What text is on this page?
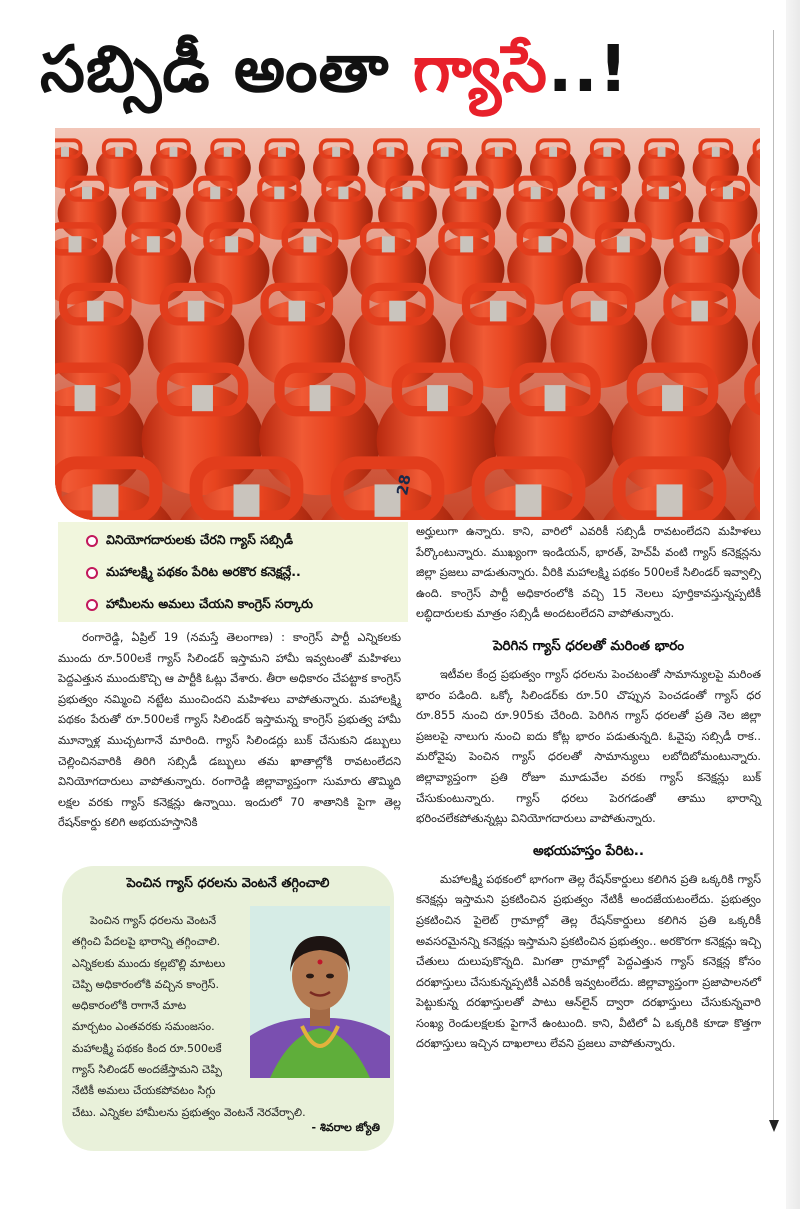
సబ్సిడీ అంతా గ్యాసే..!
28
వినియోగదారులకు చేరని గ్యాస్ సబ్సిడీ
మహాలక్ష్మి పథకం పేరిట అరకొర కనెక్షన్లే..
హామీలను అమలు చేయని కాంగ్రెస్ సర్కారు

రంగారెడ్డి, ఏప్రిల్ 19 (నమస్తే తెలంగాణ) : కాంగ్రెస్ పార్టీ ఎన్నికలకు ముందు రూ.500లకే గ్యాస్ సిలిండర్ ఇస్తామని హామీ ఇవ్వటంతో మహిళలు పెద్దఎత్తున ముందుకొచ్చి ఆ పార్టీకి ఓట్లు వేశారు. తీరా అధికారం చేపట్టాక కాంగ్రెస్ ప్రభుత్వం నమ్మించి నట్టేట ముంచిందని మహిళలు వాపోతున్నారు. మహాలక్ష్మి పథకం పేరుతో రూ.500లకే గ్యాస్ సిలిండర్ ఇస్తామన్న కాంగ్రెస్ ప్రభుత్వ హామీ మూన్నాళ్ల ముచ్చటగానే మారింది. గ్యాస్ సిలిండర్లు బుక్ చేసుకుని డబ్బులు చెల్లించినవారికి తిరిగి సబ్సిడీ డబ్బులు తమ ఖాతాల్లోకి రావటంలేదని వినియోగదారులు వాపోతున్నారు. రంగారెడ్డి జిల్లావ్యాప్తంగా సుమారు తొమ్మిది లక్షల వరకు గ్యాస్ కనెక్షన్లు ఉన్నాయి. ఇందులో 70 శాతానికి పైగా తెల్ల రేషన్‌కార్డు కలిగి అభయహస్తానికి

పెంచిన గ్యాస్ ధరలను వెంటనే తగ్గించాలి
పెంచిన గ్యాస్ ధరలను వెంటనే
తగ్గించి పేదలపై భారాన్ని తగ్గించాలి.
ఎన్నికలకు ముందు కల్లబొల్లి మాటలు
చెప్పి అధికారంలోకి వచ్చిన కాంగ్రెస్.
అధికారంలోకి రాగానే మాట
మార్చటం ఎంతవరకు సమంజసం.
మహాలక్ష్మి పథకం కింద రూ.500లకే
గ్యాస్ సిలిండర్ అందజేస్తామని చెప్పి
నేటికీ అమలు చేయకపోవటం సిగ్గు
చేటు. ఎన్నికల హామీలను ప్రభుత్వం వెంటనే నెరవేర్చాలి.
- శివరాల జ్యోతి

అర్హులుగా ఉన్నారు. కాని, వారిలో ఎవరికీ సబ్సిడీ రావటంలేదని మహిళలు పేర్కొంటున్నారు. ముఖ్యంగా ఇండియన్, భారత్, హెచ్‌పీ వంటి గ్యాస్ కనెక్షన్లను జిల్లా ప్రజలు వాడుతున్నారు. వీరికి మహాలక్ష్మి పథకం 500లకే సిలిండర్ ఇవ్వాల్సి ఉంది. కాంగ్రెస్ పార్టీ అధికారంలోకి వచ్చి 15 నెలలు పూర్తికావస్తున్నప్పటికీ లబ్ధిదారులకు మాత్రం సబ్సిడీ అందటంలేదని వాపోతున్నారు.

పెరిగిన గ్యాస్ ధరలతో మరింత భారం

ఇటీవల కేంద్ర ప్రభుత్వం గ్యాస్ ధరలను పెంచటంతో సామాన్యులపై మరింత భారం పడింది. ఒక్కో సిలిండర్‌కు రూ.50 చొప్పున పెంచడంతో గ్యాస్ ధర రూ.855 నుంచి రూ.905కు చేరింది. పెరిగిన గ్యాస్ ధరలతో ప్రతి నెల జిల్లా ప్రజలపై నాలుగు నుంచి ఐదు కోట్ల భారం పడుతున్నది. ఓవైపు సబ్సిడీ రాక.. మరోవైపు పెంచిన గ్యాస్ ధరలతో సామాన్యులు లబోదిబోమంటున్నారు. జిల్లావ్యాప్తంగా ప్రతి రోజూ మూడువేల వరకు గ్యాస్ కనెక్షన్లు బుక్ చేసుకుంటున్నారు. గ్యాస్ ధరలు పెరగడంతో తాము భారాన్ని భరించలేకపోతున్నట్లు వినియోగదారులు వాపోతున్నారు.

అభయహస్తం పేరిట..

మహాలక్ష్మి పథకంలో భాగంగా తెల్ల రేషన్‌కార్డులు కలిగిన ప్రతి ఒక్కరికి గ్యాస్ కనెక్షన్లు ఇస్తామని ప్రకటించిన ప్రభుత్వం నేటికీ అందజేయటంలేదు. ప్రభుత్వం ప్రకటించిన పైలెట్ గ్రామాల్లో తెల్ల రేషన్‌కార్డులు కలిగిన ప్రతి ఒక్కరికీ అవసరమైనన్ని కనెక్షన్లు ఇస్తామని ప్రకటించిన ప్రభుత్వం.. అరకొరగా కనెక్షన్లు ఇచ్చి చేతులు దులుపుకొన్నది. మిగతా గ్రామాల్లో పెద్దఎత్తున గ్యాస్ కనెక్షన్ల కోసం దరఖాస్తులు చేసుకున్నప్పటికీ ఎవరికీ ఇవ్వటంలేదు. జిల్లావ్యాప్తంగా ప్రజాపాలనలో పెట్టుకున్న దరఖాస్తులతో పాటు ఆన్‌లైన్ ద్వారా దరఖాస్తులు చేసుకున్నవారి సంఖ్య రెండులక్షలకు పైగానే ఉంటుంది. కాని, వీటిలో ఏ ఒక్కరికి కూడా కొత్తగా దరఖాస్తులు ఇచ్చిన దాఖలాలు లేవని ప్రజలు వాపోతున్నారు.
